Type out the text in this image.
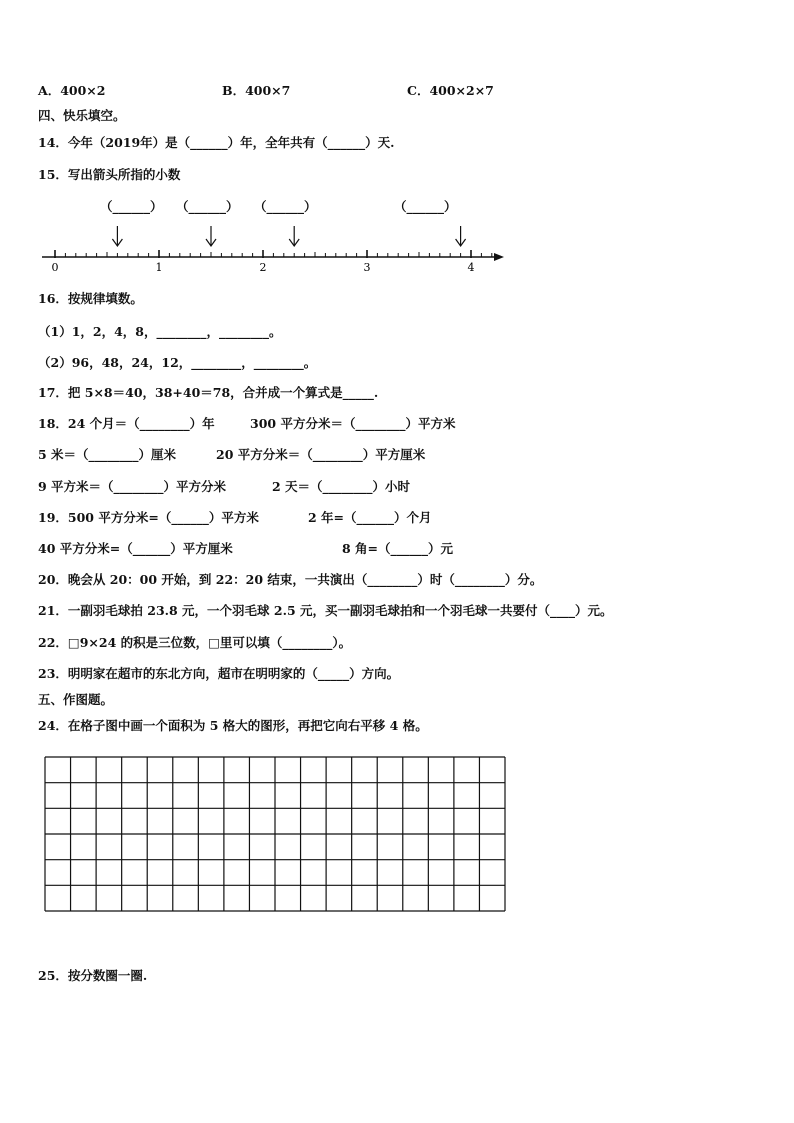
A．400×2	B．400×7	C．400×2×7
四、快乐填空。
14．今年（2019年）是（______）年，全年共有（______）天.
15．写出箭头所指的小数
（______） （______） （______）	（______）
0	1	2	3	4
16．按规律填数。
（1）1，2，4，8，________，________。
（2）96，48，24，12，________，________。
17．把 5×8＝40，38+40＝78，合并成一个算式是_____.
18．24 个月＝（________）年	300 平方分米＝（________）平方米
5 米＝（________）厘米	20 平方分米＝（________）平方厘米
9 平方米＝（________）平方分米	2 天＝（________）小时
19．500 平方分米=（______）平方米	2 年=（______）个月
40 平方分米=（______）平方厘米	8 角=（______）元
20．晚会从 20：00 开始，到 22：20 结束，一共演出（________）时（________）分。
21．一副羽毛球拍 23.8 元，一个羽毛球 2.5 元，买一副羽毛球拍和一个羽毛球一共要付（____）元。
22．□9×24 的积是三位数，□里可以填（________）。
23．明明家在超市的东北方向，超市在明明家的（_____）方向。
五、作图题。
24．在格子图中画一个面积为 5 格大的图形，再把它向右平移 4 格。
25．按分数圈一圈.
